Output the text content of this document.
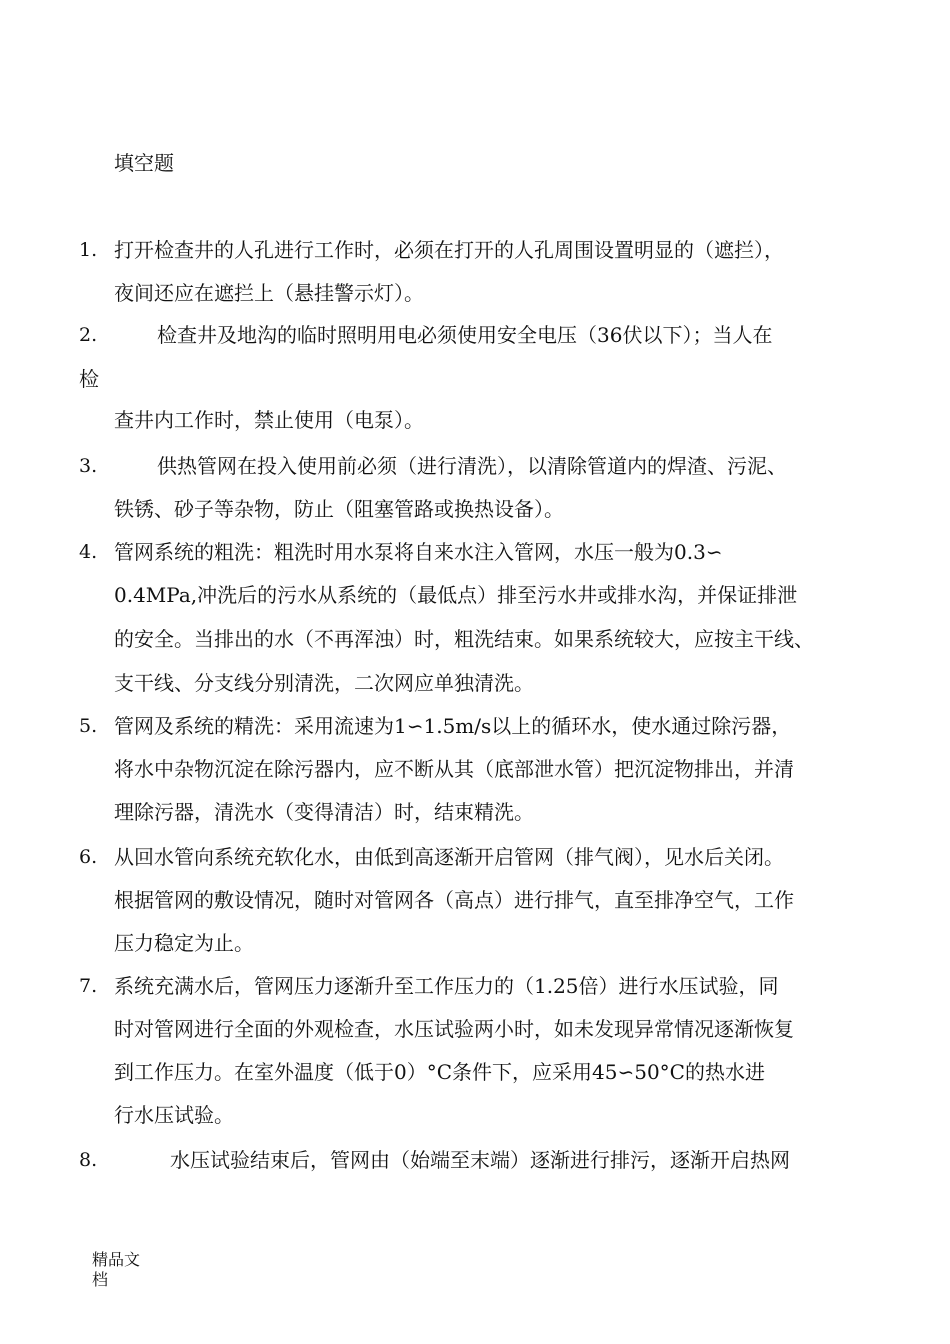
填空题
1. 打开检查井的人孔进行工作时，必须在打开的人孔周围设置明显的（遮拦），
夜间还应在遮拦上（悬挂警示灯）。
2.	检查井及地沟的临时照明用电必须使用安全电压（36伏以下）；当人在
检
查井内工作时，禁止使用（电泵）。
3.	供热管网在投入使用前必须（进行清洗），以清除管道内的焊渣、污泥、
铁锈、砂子等杂物，防止（阻塞管路或换热设备）。
4. 管网系统的粗洗：粗洗时用水泵将自来水注入管网，水压一般为0.3∽
0.4MPa,冲洗后的污水从系统的（最低点）排至污水井或排水沟，并保证排泄
的安全。当排出的水（不再浑浊）时，粗洗结束。如果系统较大，应按主干线、
支干线、分支线分别清洗，二次网应单独清洗。
5. 管网及系统的精洗：采用流速为1∽1.5m/s以上的循环水，使水通过除污器，
将水中杂物沉淀在除污器内，应不断从其（底部泄水管）把沉淀物排出，并清
理除污器，清洗水（变得清洁）时，结束精洗。
6. 从回水管向系统充软化水，由低到高逐渐开启管网（排气阀），见水后关闭。
根据管网的敷设情况，随时对管网各（高点）进行排气，直至排净空气，工作
压力稳定为止。
7. 系统充满水后，管网压力逐渐升至工作压力的（1.25倍）进行水压试验，同
时对管网进行全面的外观检查，水压试验两小时，如未发现异常情况逐渐恢复
到工作压力。在室外温度（低于0）°C条件下，应采用45∽50°C的热水进
行水压试验。
8.	水压试验结束后，管网由（始端至末端）逐渐进行排污，逐渐开启热网
精品文档
